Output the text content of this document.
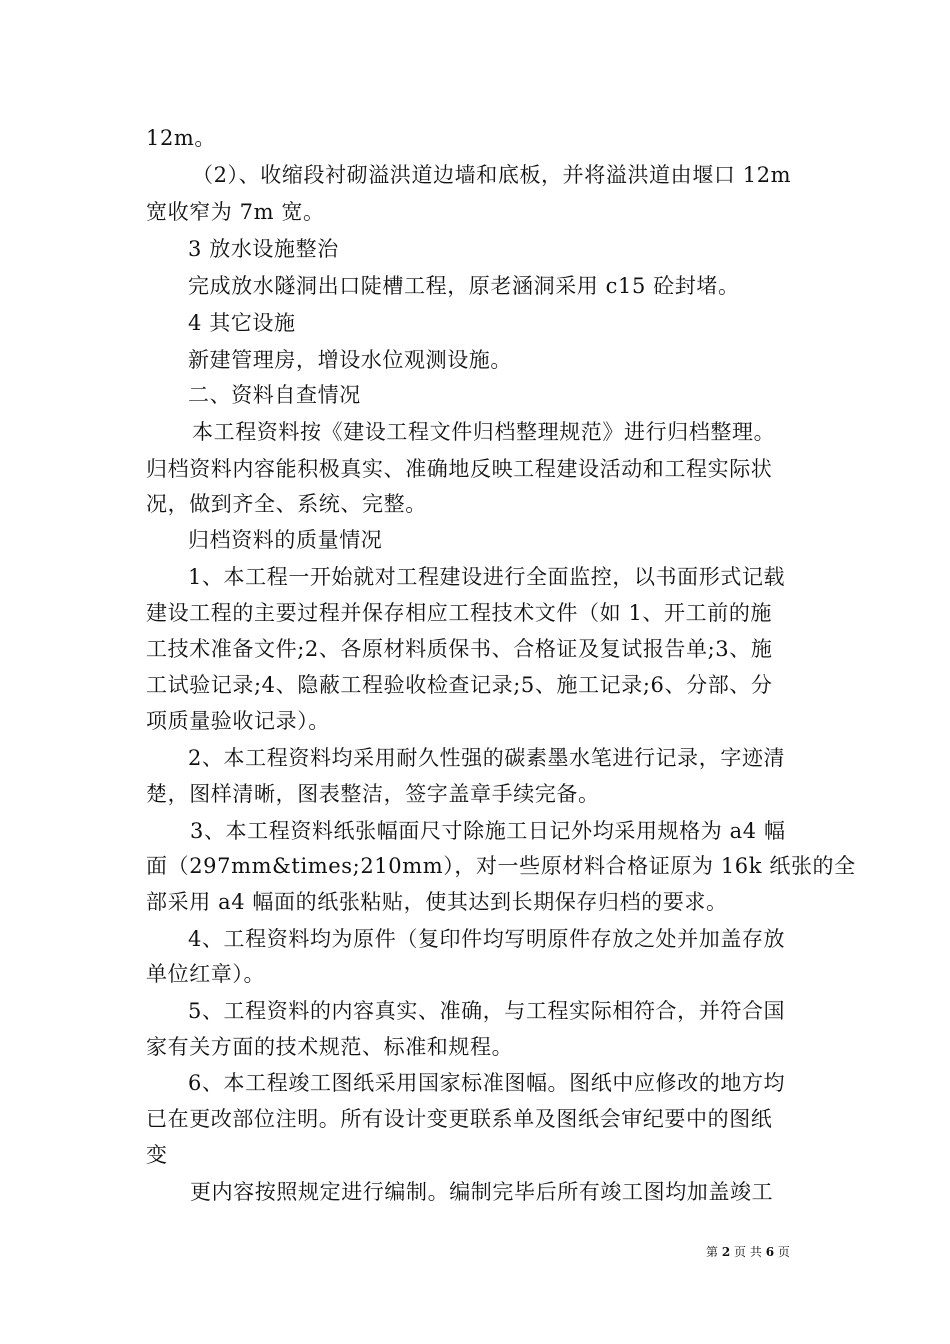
12m。
（2）、收缩段衬砌溢洪道边墙和底板，并将溢洪道由堰口 12m
宽收窄为 7m 宽。
3 放水设施整治
完成放水隧洞出口陡槽工程，原老涵洞采用 c15 砼封堵。
4 其它设施
新建管理房，增设水位观测设施。
二、资料自查情况
本工程资料按《建设工程文件归档整理规范》进行归档整理。
归档资料内容能积极真实、准确地反映工程建设活动和工程实际状
况，做到齐全、系统、完整。
归档资料的质量情况
1、本工程一开始就对工程建设进行全面监控，以书面形式记载
建设工程的主要过程并保存相应工程技术文件（如 1、开工前的施
工技术准备文件;2、各原材料质保书、合格证及复试报告单;3、施
工试验记录;4、隐蔽工程验收检查记录;5、施工记录;6、分部、分
项质量验收记录）。
2、本工程资料均采用耐久性强的碳素墨水笔进行记录，字迹清
楚，图样清晰，图表整洁，签字盖章手续完备。
3、本工程资料纸张幅面尺寸除施工日记外均采用规格为 a4 幅
面（297mm&times;210mm），对一些原材料合格证原为 16k 纸张的全
部采用 a4 幅面的纸张粘贴，使其达到长期保存归档的要求。
4、工程资料均为原件（复印件均写明原件存放之处并加盖存放
单位红章）。
5、工程资料的内容真实、准确，与工程实际相符合，并符合国
家有关方面的技术规范、标准和规程。
6、本工程竣工图纸采用国家标准图幅。图纸中应修改的地方均
已在更改部位注明。所有设计变更联系单及图纸会审纪要中的图纸
变
更内容按照规定进行编制。编制完毕后所有竣工图均加盖竣工
第 2 页 共 6 页
